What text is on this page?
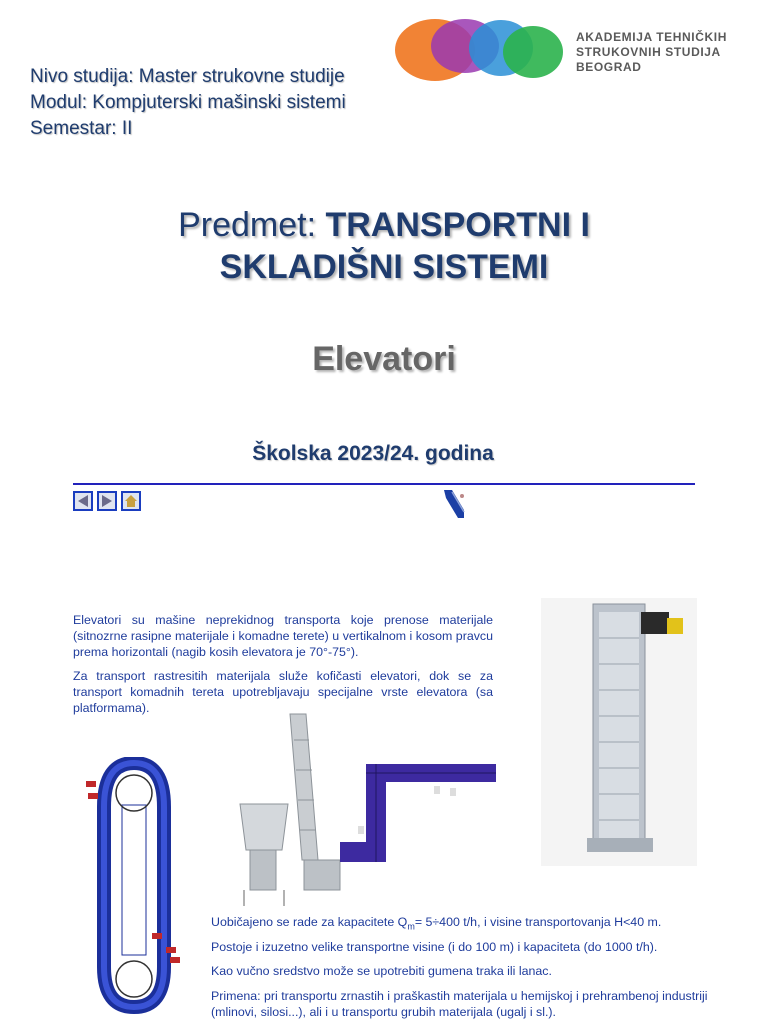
Nivo studija: Master strukovne studije
Modul: Kompjuterski mašinski sistemi
Semestar: II
AKADEMIJA TEHNIČKIH
STRUKOVNIH STUDIJA
BEOGRAD
Predmet: TRANSPORTNI I
SKLADIŠNI SISTEMI
Elevatori
Školska 2023/24. godina
Elevatori su mašine neprekidnog transporta koje prenose materijale (sitnozrne rasipne materijale i komadne terete) u vertikalnom i kosom pravcu prema horizontali (nagib kosih elevatora je 70°-75°).
Za transport rastresitih materijala služe kofičasti elevatori, dok se za transport komadnih tereta upotrebljavaju specijalne vrste elevatora (sa platformama).
Uobičajeno se rade za kapacitete $Q_m= 5\div 400$ t/h, i visine transportovanja H<40 m.
Postoje i izuzetno velike transportne visine (i do 100 m) i kapaciteta (do 1000 t/h).
Kao vučno sredstvo može se upotrebiti gumena traka ili lanac.
Primena: pri transportu zrnastih i praškastih materijala u hemijskoj i prehrambenoj industriji (mlinovi, silosi...), ali i u transportu grubih materijala (ugalj i sl.).
